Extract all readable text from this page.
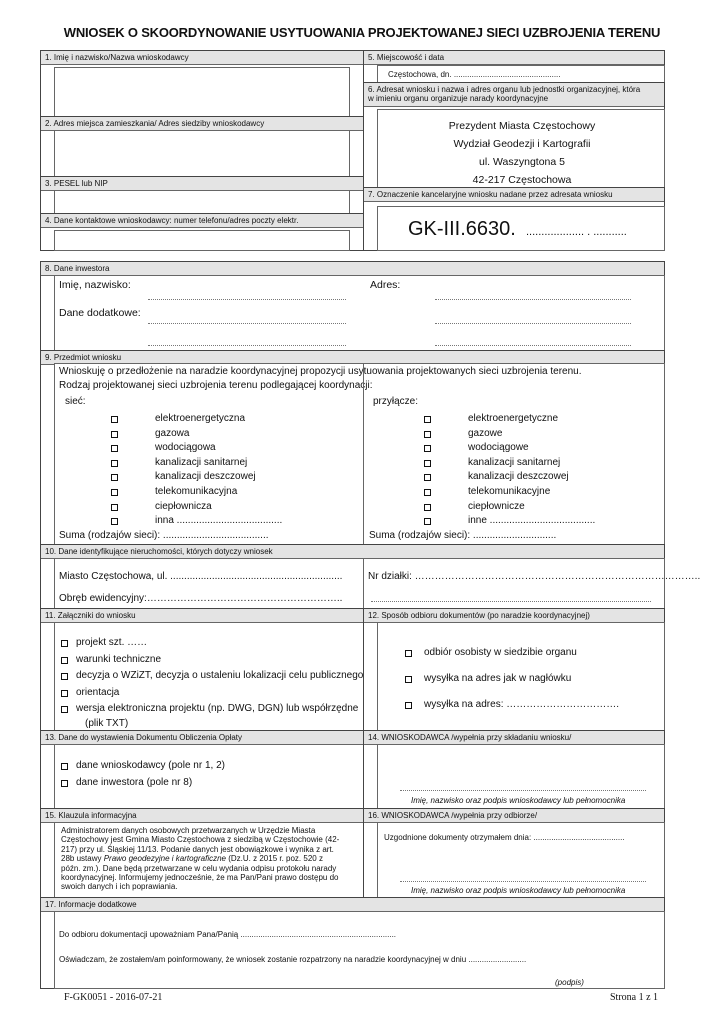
WNIOSEK O SKOORDYNOWANIE USYTUOWANIA PROJEKTOWANEJ SIECI UZBROJENIA TERENU
1. Imię i nazwisko/Nazwa wnioskodawcy
2. Adres miejsca zamieszkania/ Adres siedziby wnioskodawcy
3. PESEL lub NIP
4. Dane kontaktowe wnioskodawcy: numer telefonu/adres poczty elektr.
5. Miejscowość i data
Częstochowa, dn. ................................................
6. Adresat wniosku i nazwa i adres organu lub jednostki organizacyjnej, która
w imieniu organu organizuje narady koordynacyjne
Prezydent Miasta Częstochowy
Wydział Geodezji i Kartografii
ul. Waszyngtona 5
42-217 Częstochowa
7. Oznaczenie kancelaryjne wniosku nadane przez adresata wniosku
GK-III.6630. ................... . ...........
8. Dane inwestora
Imię, nazwisko:	Adres:
Dane dodatkowe:
9. Przedmiot wniosku
Wnioskuję o przedłożenie na naradzie koordynacyjnej propozycji usytuowania projektowanych sieci uzbrojenia terenu.
Rodzaj projektowanej sieci uzbrojenia terenu podlegającej koordynacji:
sieć:	przyłącze:
elektroenergetyczna
gazowa
wodociągowa
kanalizacji sanitarnej
kanalizacji deszczowej
telekomunikacyjna
ciepłownicza
inna ......................................
elektroenergetyczne
gazowe
wodociągowe
kanalizacji sanitarnej
kanalizacji deszczowej
telekomunikacyjne
ciepłownicze
inne ......................................
Suma (rodzajów sieci): ......................................	Suma (rodzajów sieci): ..............................
10. Dane identyfikujące nieruchomości, których dotyczy wniosek
Miasto Częstochowa, ul. ..............................................................
Obręb ewidencyjny:…………………………………………………..
Nr działki: …………………………………………………………………………..
11. Załączniki do wniosku
projekt szt. ……
warunki techniczne
decyzja o WZiZT, decyzja o ustaleniu lokalizacji celu publicznego
orientacja
wersja elektroniczna projektu (np. DWG, DGN) lub współrzędne
(plik TXT)
12. Sposób odbioru dokumentów (po naradzie koordynacyjnej)
odbiór osobisty w siedzibie organu
wysyłka na adres jak w nagłówku
wysyłka na adres: …………………………….
13. Dane do wystawienia Dokumentu Obliczenia Opłaty
dane wnioskodawcy (pole nr 1, 2)
dane inwestora (pole nr 8)
14. WNIOSKODAWCA /wypełnia przy składaniu wniosku/
Imię, nazwisko oraz podpis wnioskodawcy lub pełnomocnika
15. Klauzula informacyjna
Administratorem danych osobowych przetwarzanych w Urzędzie Miasta
Częstochowy jest Gmina Miasto Częstochowa z siedzibą w Częstochowie (42-
217) przy ul. Śląskiej 11/13. Podanie danych jest obowiązkowe i wynika z art.
28b ustawy Prawo geodezyjne i kartograficzne (Dz.U. z 2015 r. poz. 520 z
późn. zm.). Dane będą przetwarzane w celu wydania odpisu protokołu narady
koordynacyjnej. Informujemy jednocześnie, że ma Pan/Pani prawo dostępu do
swoich danych i ich poprawiania.
16. WNIOSKODAWCA /wypełnia przy odbiorze/
Uzgodnione dokumenty otrzymałem dnia: .........................................
Imię, nazwisko oraz podpis wnioskodawcy lub pełnomocnika
17. Informacje dodatkowe
Do odbioru dokumentacji upoważniam Pana/Panią ......................................................................
Oświadczam, że zostałem/am poinformowany, że wniosek zostanie rozpatrzony na naradzie koordynacyjnej w dniu ..........................
(podpis)
F-GK0051 - 2016-07-21	Strona 1 z 1
